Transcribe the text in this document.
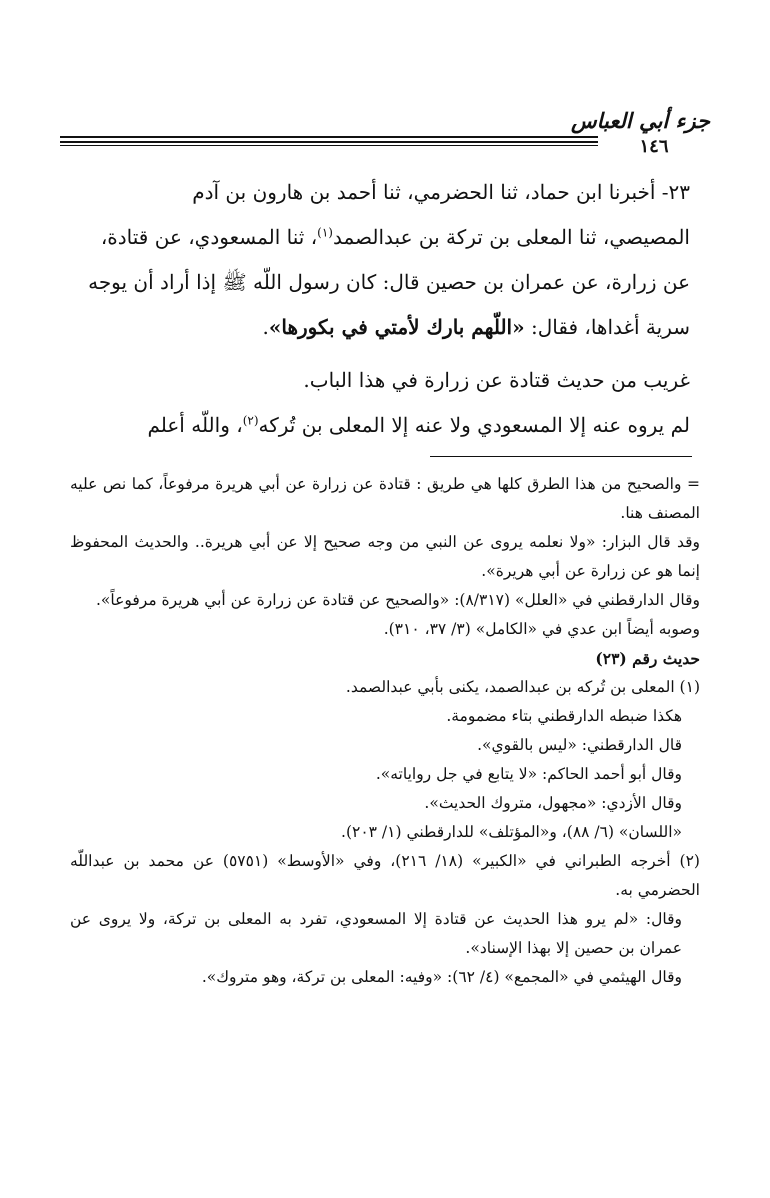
جزء أبي العباس
١٤٦

٢٣- أخبرنا ابن حماد، ثنا الحضرمي، ثنا أحمد بن هارون بن آدم

المصيصي، ثنا المعلى بن تركة بن عبدالصمد$^{(١)}$، ثنا المسعودي، عن قتادة،

عن زرارة، عن عمران بن حصين قال: كان رسول اللّه ﷺ إذا أراد أن يوجه

سرية أغداها، فقال: «اللّهم بارك لأمتي في بكورها».

غريب من حديث قتادة عن زرارة في هذا الباب.

لم يروه عنه إلا المسعودي ولا عنه إلا المعلى بن تُركه$^{(٢)}$، واللّه أعلم

= والصحيح من هذا الطرق كلها هي طريق : قتادة عن زرارة عن أبي هريرة مرفوعاً، كما نص عليه المصنف هنا.

وقد قال البزار: «ولا نعلمه يروى عن النبي من وجه صحيح إلا عن أبي هريرة.. والحديث المحفوظ إنما هو عن زرارة عن أبي هريرة».

وقال الدارقطني في «العلل» (٨/٣١٧): «والصحيح عن قتادة عن زرارة عن أبي هريرة مرفوعاً».

وصوبه أيضاً ابن عدي في «الكامل» (٣/ ٣٧، ٣١٠).

حديث رقم (٢٣)

(١) المعلى بن تُركه بن عبدالصمد، يكنى بأبي عبدالصمد.

هكذا ضبطه الدارقطني بتاء مضمومة.

قال الدارقطني: «ليس بالقوي».

وقال أبو أحمد الحاكم: «لا يتابع في جل رواياته».

وقال الأزدي: «مجهول، متروك الحديث».

«اللسان» (٦/ ٨٨)، و«المؤتلف» للدارقطني (١/ ٢٠٣).

(٢) أخرجه الطبراني في «الكبير» (١٨/ ٢١٦)، وفي «الأوسط» (٥٧٥١) عن محمد بن عبداللّه الحضرمي به.

وقال: «لم يرو هذا الحديث عن قتادة إلا المسعودي، تفرد به المعلى بن تركة، ولا يروى عن عمران بن حصين إلا بهذا الإسناد».

وقال الهيثمي في «المجمع» (٤/ ٦٢): «وفيه: المعلى بن تركة، وهو متروك».
